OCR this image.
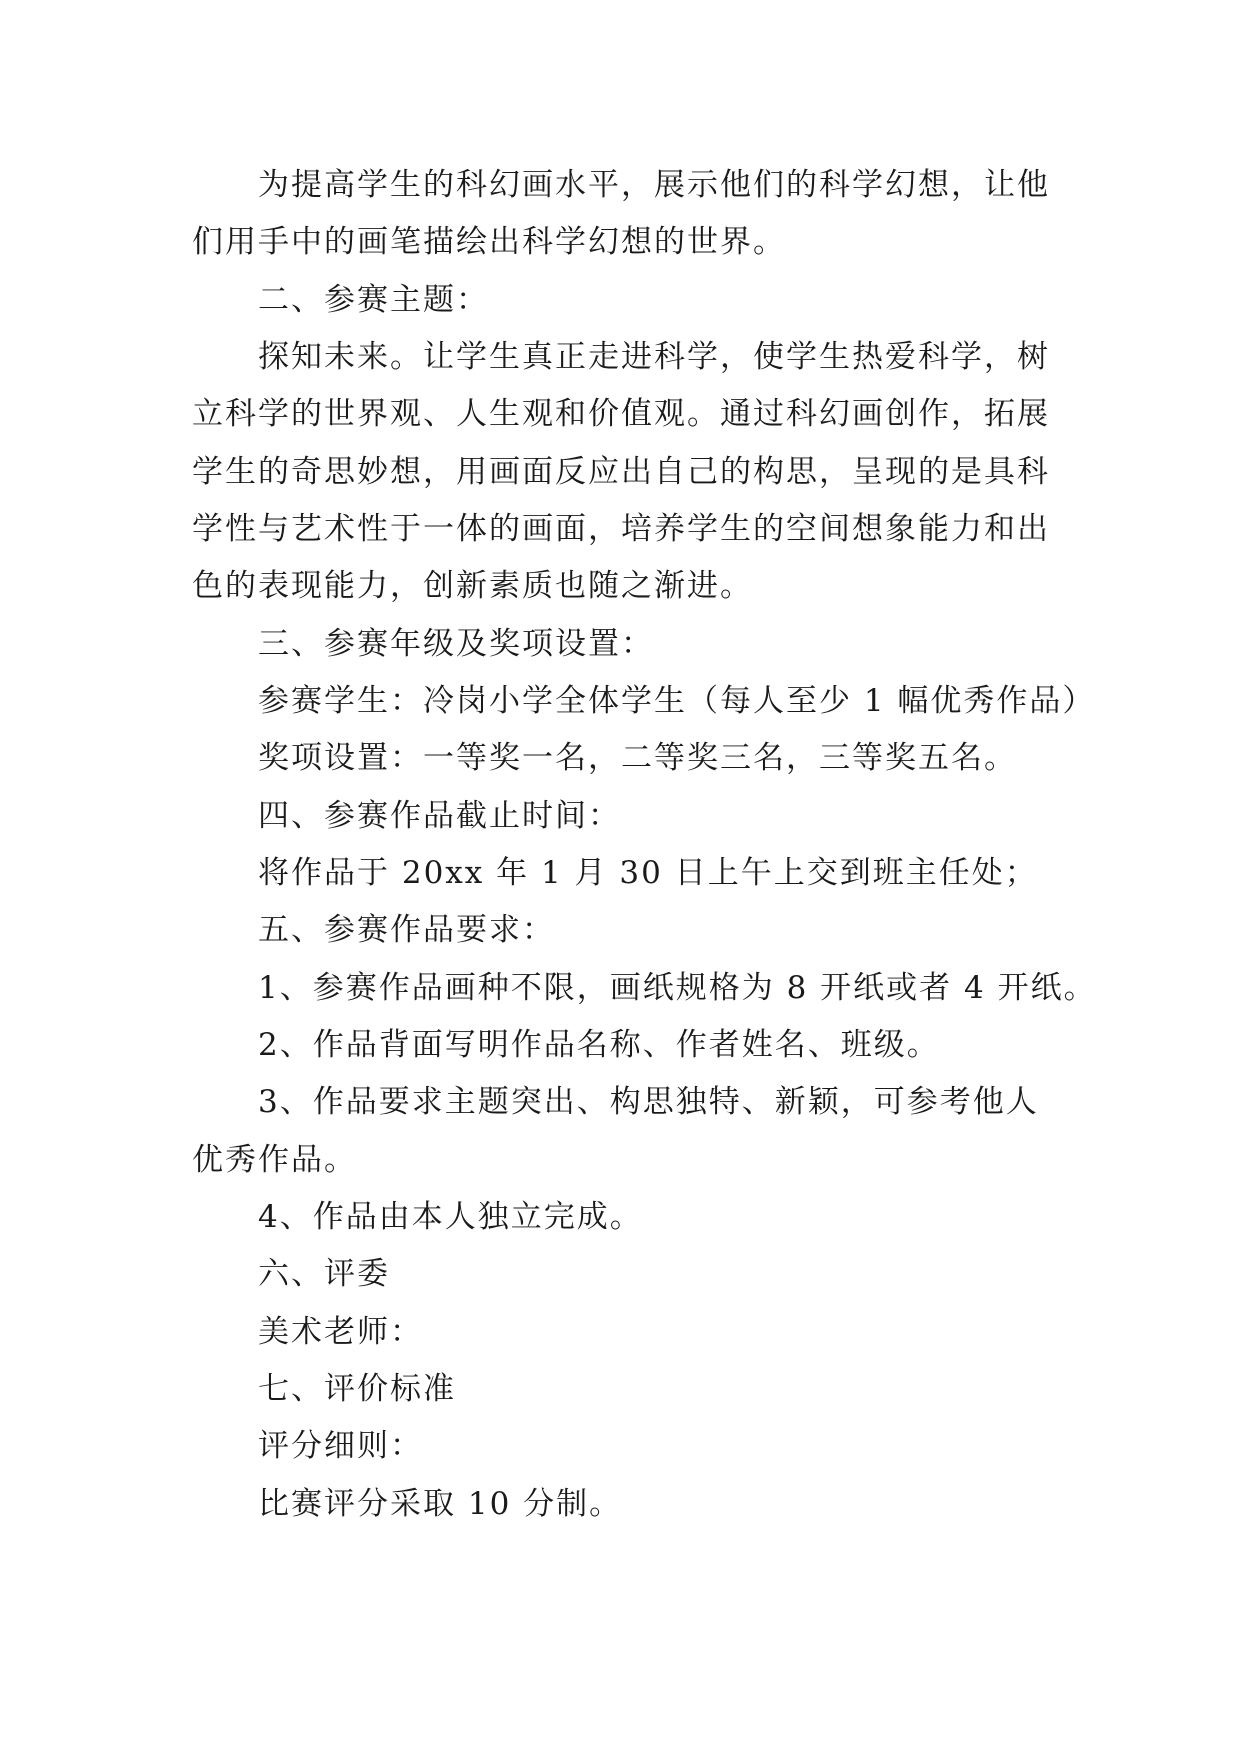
为提高学生的科幻画水平，展示他们的科学幻想，让他
们用手中的画笔描绘出科学幻想的世界。
二、参赛主题：
探知未来。让学生真正走进科学，使学生热爱科学，树
立科学的世界观、人生观和价值观。通过科幻画创作，拓展
学生的奇思妙想，用画面反应出自己的构思，呈现的是具科
学性与艺术性于一体的画面，培养学生的空间想象能力和出
色的表现能力，创新素质也随之渐进。
三、参赛年级及奖项设置：
参赛学生：冷岗小学全体学生（每人至少 1 幅优秀作品）
奖项设置：一等奖一名，二等奖三名，三等奖五名。
四、参赛作品截止时间：
将作品于 20xx 年 1 月 30 日上午上交到班主任处；
五、参赛作品要求：
1、参赛作品画种不限，画纸规格为 8 开纸或者 4 开纸。
2、作品背面写明作品名称、作者姓名、班级。
3、作品要求主题突出、构思独特、新颖，可参考他人
优秀作品。
4、作品由本人独立完成。
六、评委
美术老师：
七、评价标准
评分细则：
比赛评分采取 10 分制。
